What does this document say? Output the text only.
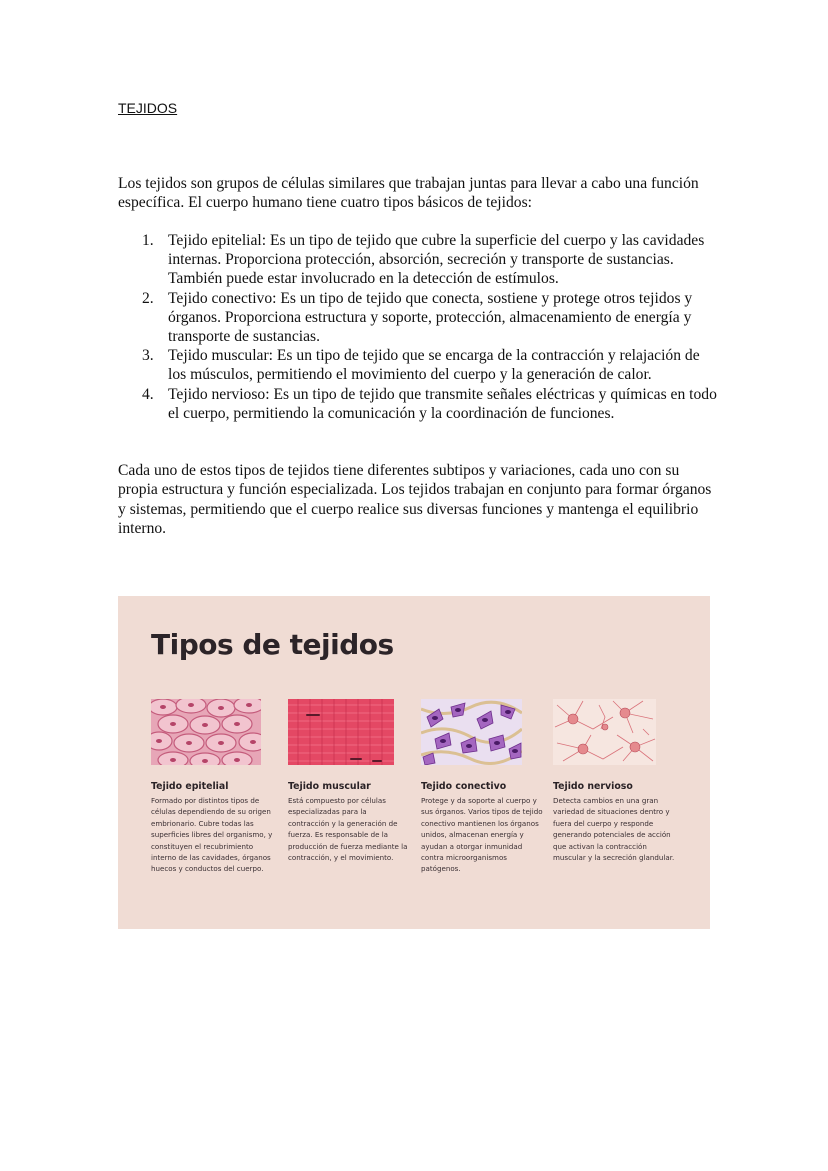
TEJIDOS

Los tejidos son grupos de células similares que trabajan juntas para llevar a cabo una función específica. El cuerpo humano tiene cuatro tipos básicos de tejidos:

1. Tejido epitelial: Es un tipo de tejido que cubre la superficie del cuerpo y las cavidades internas. Proporciona protección, absorción, secreción y transporte de sustancias. También puede estar involucrado en la detección de estímulos.
2. Tejido conectivo: Es un tipo de tejido que conecta, sostiene y protege otros tejidos y órganos. Proporciona estructura y soporte, protección, almacenamiento de energía y transporte de sustancias.
3. Tejido muscular: Es un tipo de tejido que se encarga de la contracción y relajación de los músculos, permitiendo el movimiento del cuerpo y la generación de calor.
4. Tejido nervioso: Es un tipo de tejido que transmite señales eléctricas y químicas en todo el cuerpo, permitiendo la comunicación y la coordinación de funciones.

Cada uno de estos tipos de tejidos tiene diferentes subtipos y variaciones, cada uno con su propia estructura y función especializada. Los tejidos trabajan en conjunto para formar órganos y sistemas, permitiendo que el cuerpo realice sus diversas funciones y mantenga el equilibrio interno.

Tipos de tejidos
Tejido epitelial

Formado por distintos tipos de células dependiendo de su origen embrionario. Cubre todas las superficies libres del organismo, y constituyen el recubrimiento interno de las cavidades, órganos huecos y conductos del cuerpo.

Tejido muscular

Está compuesto por células especializadas para la contracción y la generación de fuerza. Es responsable de la producción de fuerza mediante la contracción, y el movimiento.

Tejido conectivo

Protege y da soporte al cuerpo y sus órganos. Varios tipos de tejido conectivo mantienen los órganos unidos, almacenan energía y ayudan a otorgar inmunidad contra microorganismos patógenos.

Tejido nervioso

Detecta cambios en una gran variedad de situaciones dentro y fuera del cuerpo y responde generando potenciales de acción que activan la contracción muscular y la secreción glandular.
